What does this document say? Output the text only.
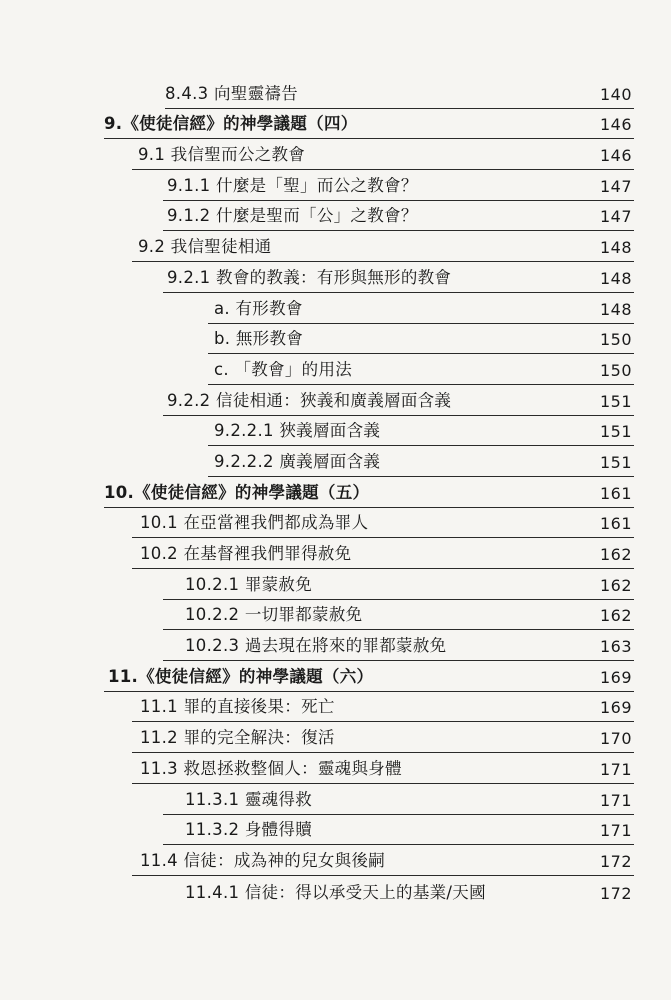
8.4.3 向聖靈禱告	140
9.《使徒信經》的神學議題（四）	146
9.1 我信聖而公之教會	146
9.1.1 什麼是「聖」而公之教會？	147
9.1.2 什麼是聖而「公」之教會？	147
9.2 我信聖徒相通	148
9.2.1 教會的教義：有形與無形的教會	148
a. 有形教會	148
b. 無形教會	150
c. 「教會」的用法	150
9.2.2 信徒相通：狹義和廣義層面含義	151
9.2.2.1 狹義層面含義	151
9.2.2.2 廣義層面含義	151
10.《使徒信經》的神學議題（五）	161
10.1 在亞當裡我們都成為罪人	161
10.2 在基督裡我們罪得赦免	162
10.2.1 罪蒙赦免	162
10.2.2 一切罪都蒙赦免	162
10.2.3 過去現在將來的罪都蒙赦免	163
11.《使徒信經》的神學議題（六）	169
11.1 罪的直接後果：死亡	169
11.2 罪的完全解決：復活	170
11.3 救恩拯救整個人：靈魂與身體	171
11.3.1 靈魂得救	171
11.3.2 身體得贖	171
11.4 信徒：成為神的兒女與後嗣	172
11.4.1 信徒：得以承受天上的基業/天國	172
